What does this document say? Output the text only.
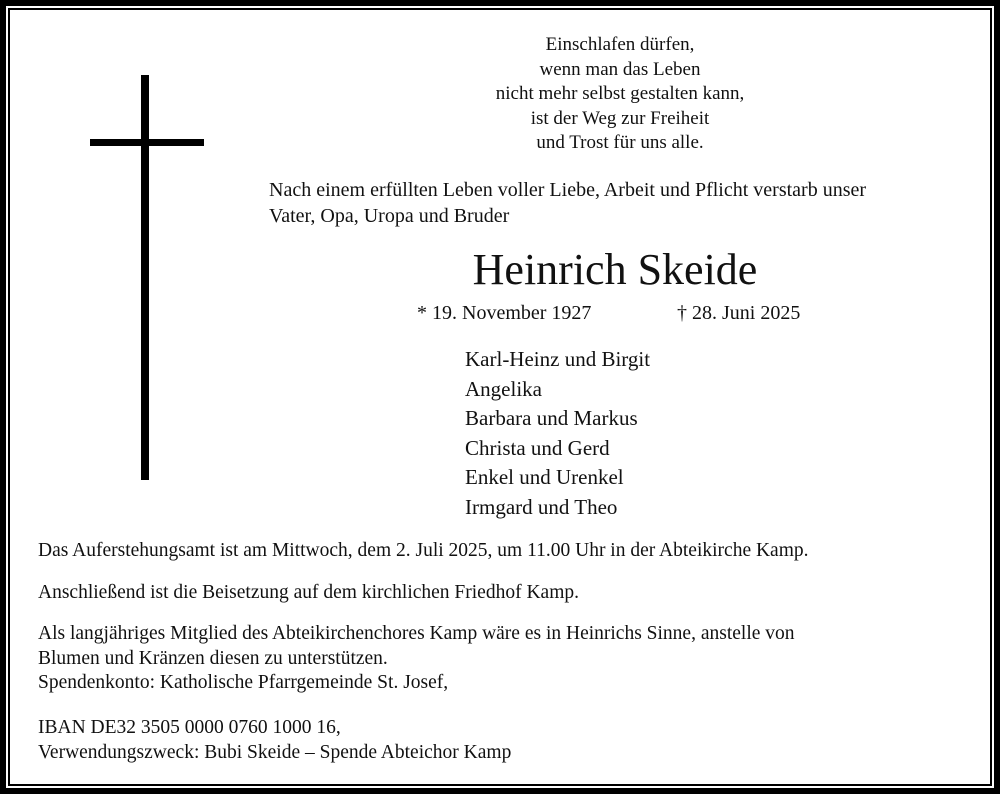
Einschlafen dürfen,
wenn man das Leben
nicht mehr selbst gestalten kann,
ist der Weg zur Freiheit
und Trost für uns alle.
Nach einem erfüllten Leben voller Liebe, Arbeit und Pflicht verstarb unser
Vater, Opa, Uropa und Bruder
Heinrich Skeide
* 19. November 1927	† 28. Juni 2025
Karl-Heinz und Birgit
Angelika
Barbara und Markus
Christa und Gerd
Enkel und Urenkel
Irmgard und Theo
Das Auferstehungsamt ist am Mittwoch, dem 2. Juli 2025, um 11.00 Uhr in der Abteikirche Kamp.
Anschließend ist die Beisetzung auf dem kirchlichen Friedhof Kamp.
Als langjähriges Mitglied des Abteikirchenchores Kamp wäre es in Heinrichs Sinne, anstelle von
Blumen und Kränzen diesen zu unterstützen.
Spendenkonto: Katholische Pfarrgemeinde St. Josef,
IBAN DE32 3505 0000 0760 1000 16,
Verwendungszweck: Bubi Skeide – Spende Abteichor Kamp
